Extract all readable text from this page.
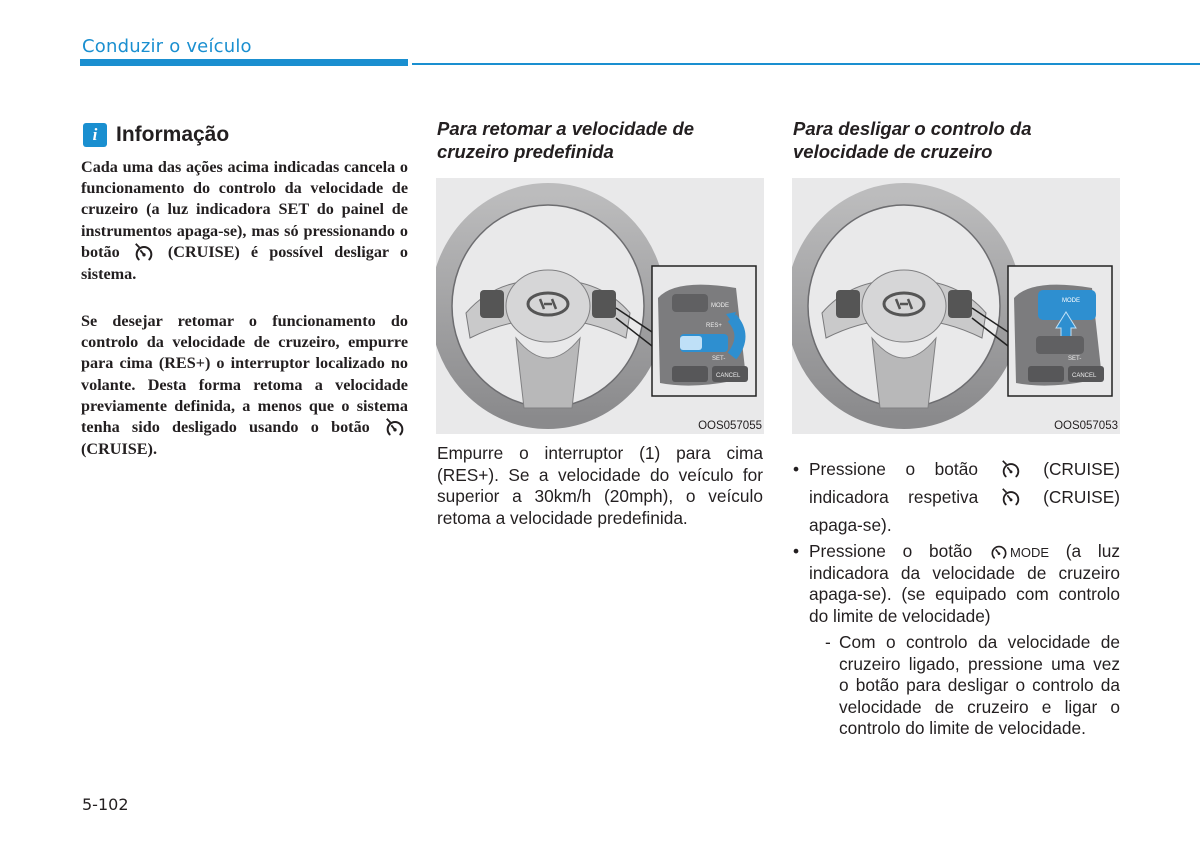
Conduzir o veículo
i Informação
Cada uma das ações acima indicadas cancela o funcionamento do controlo da velocidade de cruzeiro (a luz indicadora SET do painel de instrumentos apaga-se), mas só pressionando o botão	(CRUISE) é possível desligar o sistema.
Se desejar retomar o funcionamento do controlo da velocidade de cruzeiro, empurre para cima (RES+) o interruptor localizado no volante. Desta forma retoma a velocidade previamente definida, a menos que o sistema tenha sido desligado usando o botão  (CRUISE).
Para retomar a velocidade de cruzeiro predefinida
MODE
RES+
SET-
CANCEL
OOS057055
Empurre o interruptor (1) para cima (RES+). Se a velocidade do veículo for superior a 30km/h (20mph), o veículo retoma a velocidade predefinida.
Para desligar o controlo da velocidade de cruzeiro
MODE
SET-
CANCEL
OOS057053
• Pressione o botão	(CRUISE) indicadora respetiva	(CRUISE) apaga-se).
• Pressione o botão	MODE (a luz indicadora da velocidade de cruzeiro apaga-se). (se equipado com controlo do limite de velocidade)
- Com o controlo da velocidade de cruzeiro ligado, pressione uma vez o botão para desligar o controlo da velocidade de cruzeiro e ligar o controlo do limite de velocidade.
5-102
